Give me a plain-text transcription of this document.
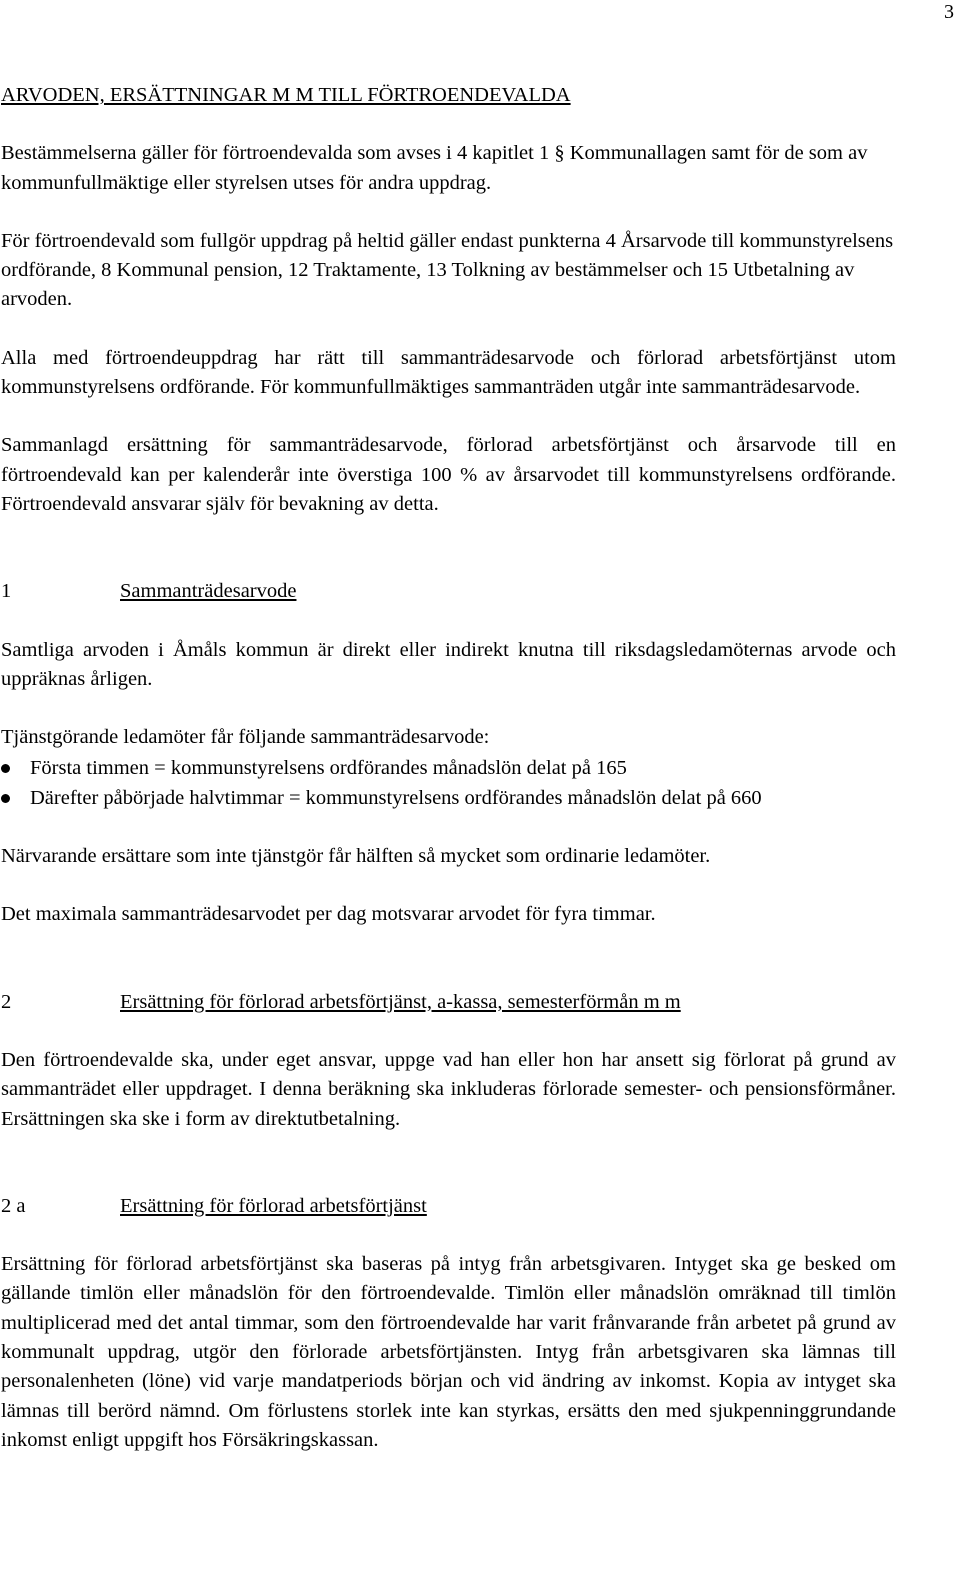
3
ARVODEN, ERSÄTTNINGAR M M TILL FÖRTROENDEVALDA

Bestämmelserna gäller för förtroendevalda som avses i 4 kapitlet 1 § Kommunallagen samt för de som av kommunfullmäktige eller styrelsen utses för andra uppdrag.

För förtroendevald som fullgör uppdrag på heltid gäller endast punkterna 4 Årsarvode till kommunstyrelsens ordförande, 8 Kommunal pension, 12 Traktamente, 13 Tolkning av bestämmelser och 15 Utbetalning av arvoden.

Alla med förtroendeuppdrag har rätt till sammanträdesarvode och förlorad arbetsförtjänst utom kommunstyrelsens ordförande. För kommunfullmäktiges sammanträden utgår inte sammanträdesarvode.

Sammanlagd ersättning för sammanträdesarvode, förlorad arbetsförtjänst och årsarvode till en förtroendevald kan per kalenderår inte överstiga 100 % av årsarvodet till kommunstyrelsens ordförande. Förtroendevald ansvarar själv för bevakning av detta.

1	Sammanträdesarvode

Samtliga arvoden i Åmåls kommun är direkt eller indirekt knutna till riksdagsledamöternas arvode och uppräknas årligen.

Tjänstgörande ledamöter får följande sammanträdesarvode:

Första timmen = kommunstyrelsens ordförandes månadslön delat på 165
Därefter påbörjade halvtimmar = kommunstyrelsens ordförandes månadslön delat på 660

Närvarande ersättare som inte tjänstgör får hälften så mycket som ordinarie ledamöter.

Det maximala sammanträdesarvodet per dag motsvarar arvodet för fyra timmar.

2	Ersättning för förlorad arbetsförtjänst, a-kassa, semesterförmån m m

Den förtroendevalde ska, under eget ansvar, uppge vad han eller hon har ansett sig förlorat på grund av sammanträdet eller uppdraget. I denna beräkning ska inkluderas förlorade semester- och pensionsförmåner. Ersättningen ska ske i form av direktutbetalning.

2 a	Ersättning för förlorad arbetsförtjänst

Ersättning för förlorad arbetsförtjänst ska baseras på intyg från arbetsgivaren. Intyget ska ge besked om gällande timlön eller månadslön för den förtroendevalde. Timlön eller månadslön omräknad till timlön multiplicerad med det antal timmar, som den förtroendevalde har varit frånvarande från arbetet på grund av kommunalt uppdrag, utgör den förlorade arbetsförtjänsten. Intyg från arbetsgivaren ska lämnas till personalenheten (löne) vid varje mandatperiods början och vid ändring av inkomst. Kopia av intyget ska lämnas till berörd nämnd. Om förlustens storlek inte kan styrkas, ersätts den med sjukpenninggrundande inkomst enligt uppgift hos Försäkringskassan.
